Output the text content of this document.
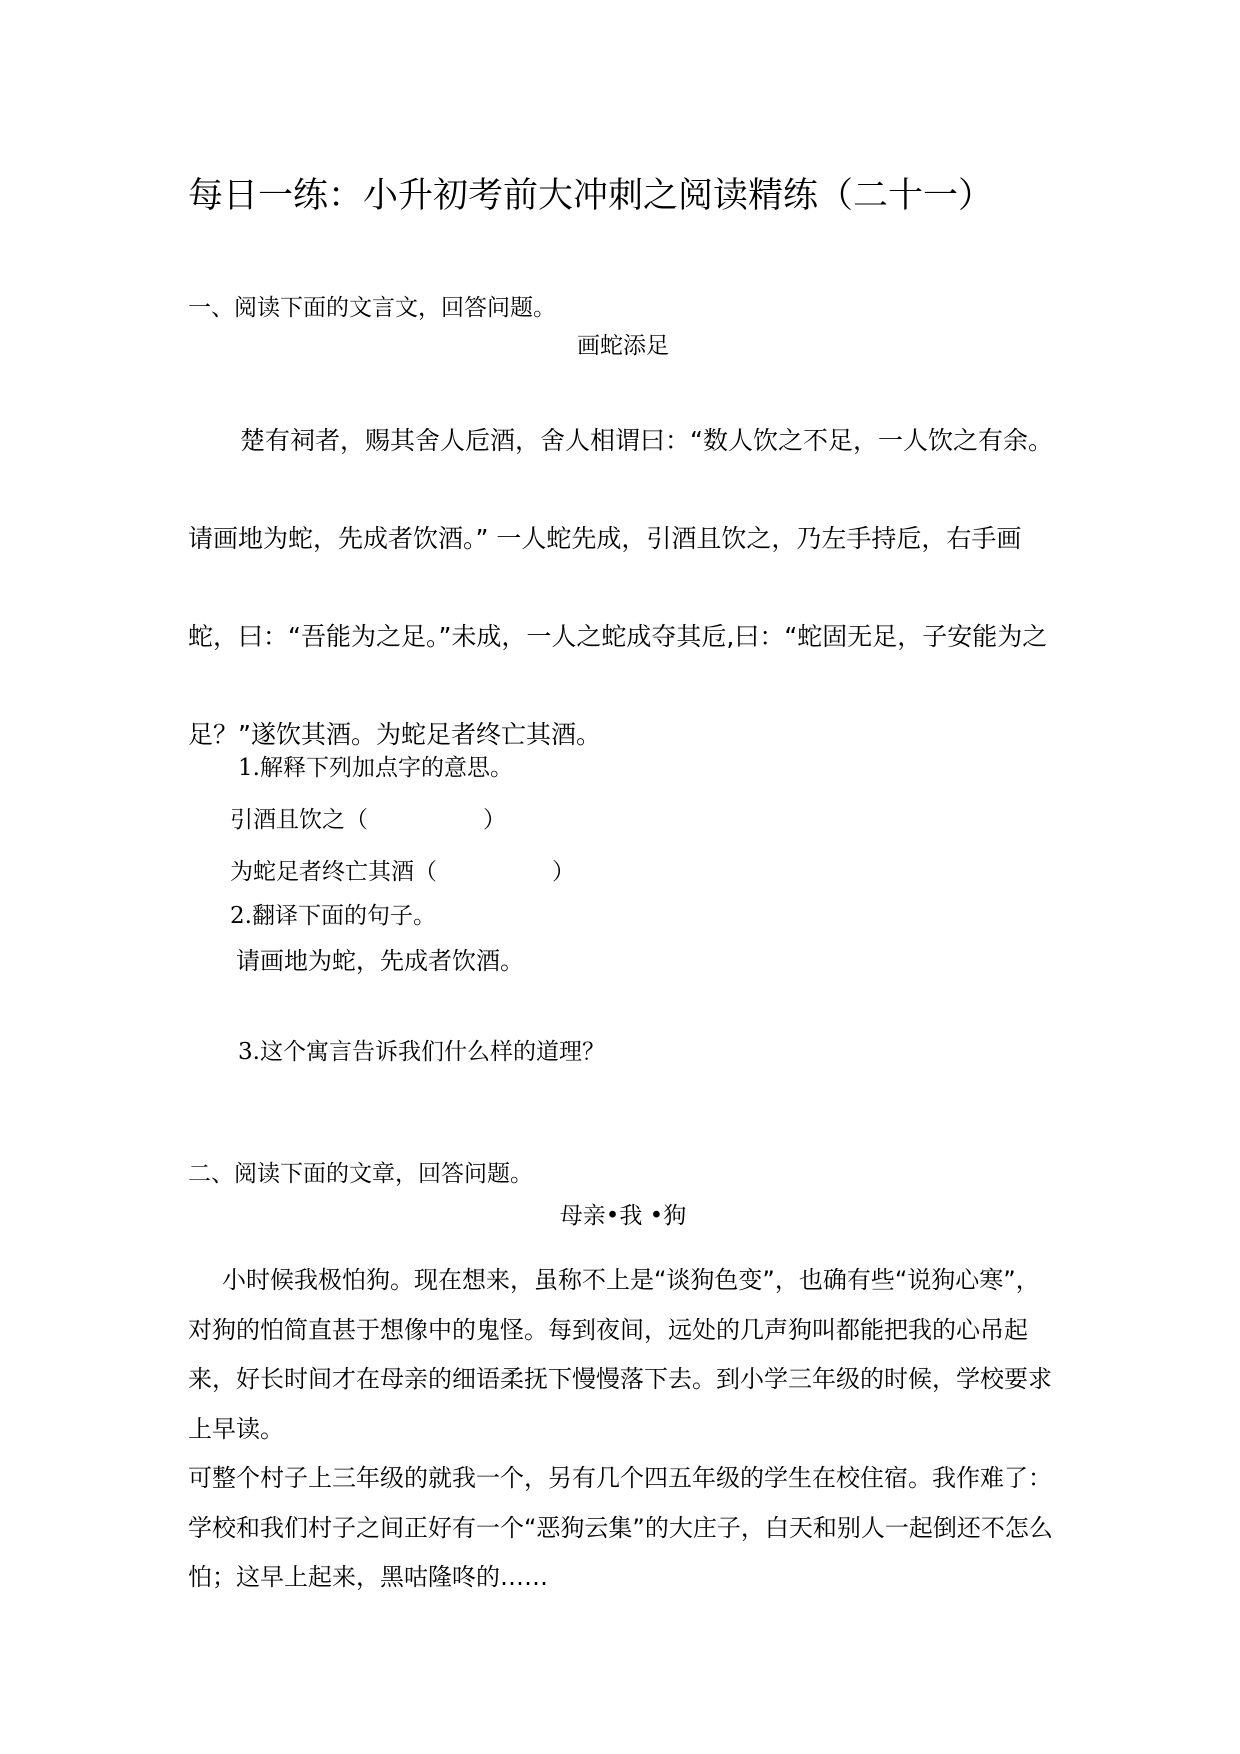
每日一练：小升初考前大冲刺之阅读精练（二十一）
一、阅读下面的文言文，回答问题。
画蛇添足

楚有祠者，赐其舍人卮酒，舍人相谓曰：“数人饮之不足，一人饮之有余。请画地为蛇，先成者饮酒。” 一人蛇先成，引酒且饮之，乃左手持卮，右手画蛇，曰：“吾能为之足。”未成，一人之蛇成夺其卮,曰：“蛇固无足，子安能为之足？”遂饮其酒。为蛇足者终亡其酒。

1.解释下列加点字的意思。
引酒且饮之（　　　　　）
为蛇足者终亡其酒（　　　　　）
2.翻译下面的句子。
请画地为蛇，先成者饮酒。
3.这个寓言告诉我们什么样的道理？
二、阅读下面的文章，回答问题。
母亲•我 •狗

小时候我极怕狗。现在想来，虽称不上是“谈狗色变”，也确有些“说狗心寒”，对狗的怕简直甚于想像中的鬼怪。每到夜间，远处的几声狗叫都能把我的心吊起来，好长时间才在母亲的细语柔抚下慢慢落下去。到小学三年级的时候，学校要求上早读。

可整个村子上三年级的就我一个，另有几个四五年级的学生在校住宿。我作难了：学校和我们村子之间正好有一个“恶狗云集”的大庄子，白天和别人一起倒还不怎么怕；这早上起来，黑咕隆咚的……
